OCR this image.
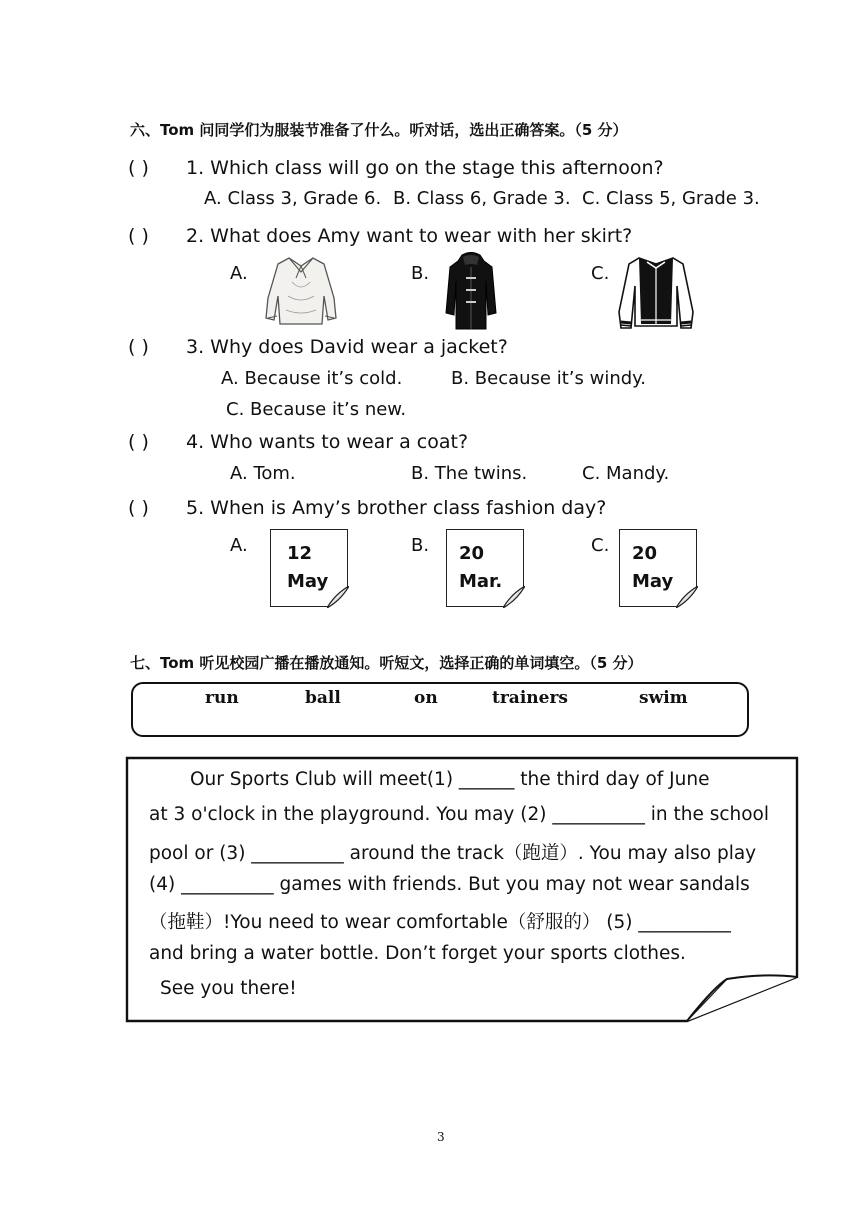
六、Tom 问同学们为服装节准备了什么。听对话，选出正确答案。（5 分）
( ) 1. Which class will go on the stage this afternoon?
A. Class 3, Grade 6. B. Class 6, Grade 3. C. Class 5, Grade 3.
( ) 2. What does Amy want to wear with her skirt?
A.	B.	C.
( ) 3. Why does David wear a jacket?
A. Because it’s cold.	B. Because it’s windy.
C. Because it’s new.
( ) 4. Who wants to wear a coat?
A. Tom.	B. The twins.	C. Mandy.
( ) 5. When is Amy’s brother class fashion day?
A.	B.	C.
12
May
20
Mar.
20
May
七、Tom 听见校园广播在播放通知。听短文，选择正确的单词填空。（5 分）
run	ball	on	trainers	swim
Our Sports Club will meet(1) ______ the third day of June
at 3 o'clock in the playground. You may (2) __________ in the school
pool or (3) __________ around the track（跑道）. You may also play
(4) __________ games with friends. But you may not wear sandals
（拖鞋）!You need to wear comfortable（舒服的） (5) __________
and bring a water bottle. Don’t forget your sports clothes.
See you there!
3
